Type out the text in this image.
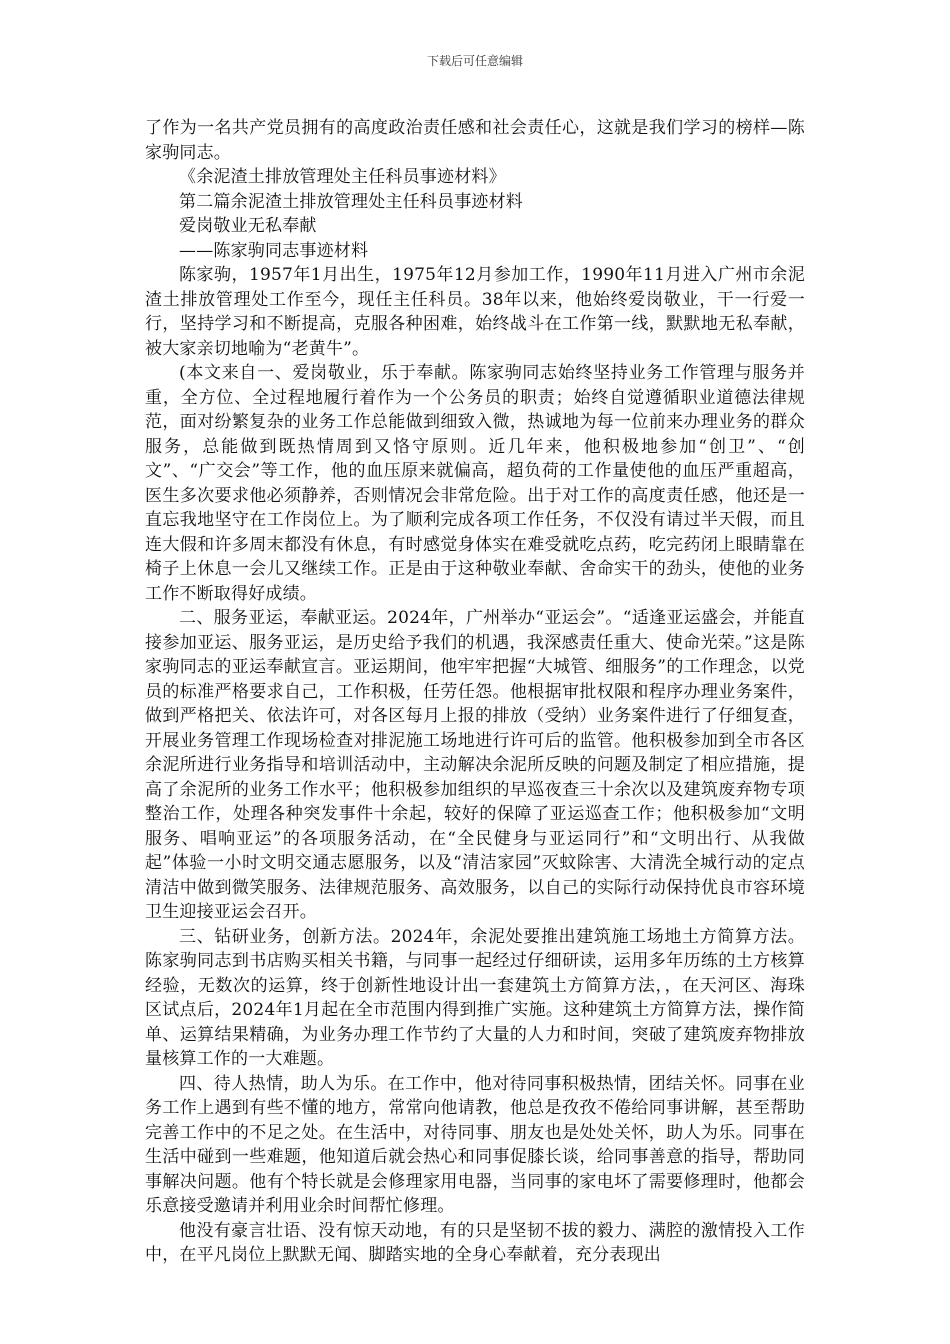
下载后可任意编辑

了作为一名共产党员拥有的高度政治责任感和社会责任心，这就是我们学习的榜样—陈家驹同志。

《余泥渣土排放管理处主任科员事迹材料》

第二篇余泥渣土排放管理处主任科员事迹材料

爱岗敬业无私奉献

——陈家驹同志事迹材料

陈家驹，1957年1月出生，1975年12月参加工作，1990年11月进入广州市余泥渣土排放管理处工作至今，现任主任科员。38年以来，他始终爱岗敬业，干一行爱一行，坚持学习和不断提高，克服各种困难，始终战斗在工作第一线，默默地无私奉献，被大家亲切地喻为“老黄牛”。

(本文来自一、爱岗敬业，乐于奉献。陈家驹同志始终坚持业务工作管理与服务并重，全方位、全过程地履行着作为一个公务员的职责；始终自觉遵循职业道德法律规范，面对纷繁复杂的业务工作总能做到细致入微，热诚地为每一位前来办理业务的群众服务，总能做到既热情周到又恪守原则。近几年来，他积极地参加“创卫”、“创文”、“广交会”等工作，他的血压原来就偏高，超负荷的工作量使他的血压严重超高，医生多次要求他必须静养，否则情况会非常危险。出于对工作的高度责任感，他还是一直忘我地坚守在工作岗位上。为了顺利完成各项工作任务，不仅没有请过半天假，而且连大假和许多周末都没有休息，有时感觉身体实在难受就吃点药，吃完药闭上眼睛靠在椅子上休息一会儿又继续工作。正是由于这种敬业奉献、舍命实干的劲头，使他的业务工作不断取得好成绩。

二、服务亚运，奉献亚运。2024年，广州举办“亚运会”。“适逢亚运盛会，并能直接参加亚运、服务亚运，是历史给予我们的机遇，我深感责任重大、使命光荣。”这是陈家驹同志的亚运奉献宣言。亚运期间，他牢牢把握“大城管、细服务”的工作理念，以党员的标准严格要求自己，工作积极，任劳任怨。他根据审批权限和程序办理业务案件，做到严格把关、依法许可，对各区每月上报的排放（受纳）业务案件进行了仔细复查，开展业务管理工作现场检查对排泥施工场地进行许可后的监管。他积极参加到全市各区余泥所进行业务指导和培训活动中，主动解决余泥所反映的问题及制定了相应措施，提高了余泥所的业务工作水平；他积极参加组织的早巡夜查三十余次以及建筑废弃物专项整治工作，处理各种突发事件十余起，较好的保障了亚运巡查工作；他积极参加“文明服务、唱响亚运”的各项服务活动，在“全民健身与亚运同行”和“文明出行、从我做起”体验一小时文明交通志愿服务，以及“清洁家园”灭蚊除害、大清洗全城行动的定点清洁中做到微笑服务、法律规范服务、高效服务，以自己的实际行动保持优良市容环境卫生迎接亚运会召开。

三、钻研业务，创新方法。2024年，余泥处要推出建筑施工场地土方简算方法。陈家驹同志到书店购买相关书籍，与同事一起经过仔细研读，运用多年历练的土方核算经验，无数次的运算，终于创新性地设计出一套建筑土方简算方法，，在天河区、海珠区试点后，2024年1月起在全市范围内得到推广实施。这种建筑土方简算方法，操作简单、运算结果精确，为业务办理工作节约了大量的人力和时间，突破了建筑废弃物排放量核算工作的一大难题。

四、待人热情，助人为乐。在工作中，他对待同事积极热情，团结关怀。同事在业务工作上遇到有些不懂的地方，常常向他请教，他总是孜孜不倦给同事讲解，甚至帮助完善工作中的不足之处。在生活中，对待同事、朋友也是处处关怀，助人为乐。同事在生活中碰到一些难题，他知道后就会热心和同事促膝长谈，给同事善意的指导，帮助同事解决问题。他有个特长就是会修理家用电器，当同事的家电坏了需要修理时，他都会乐意接受邀请并利用业余时间帮忙修理。

他没有豪言壮语、没有惊天动地，有的只是坚韧不拔的毅力、满腔的激情投入工作中，在平凡岗位上默默无闻、脚踏实地的全身心奉献着，充分表现出
